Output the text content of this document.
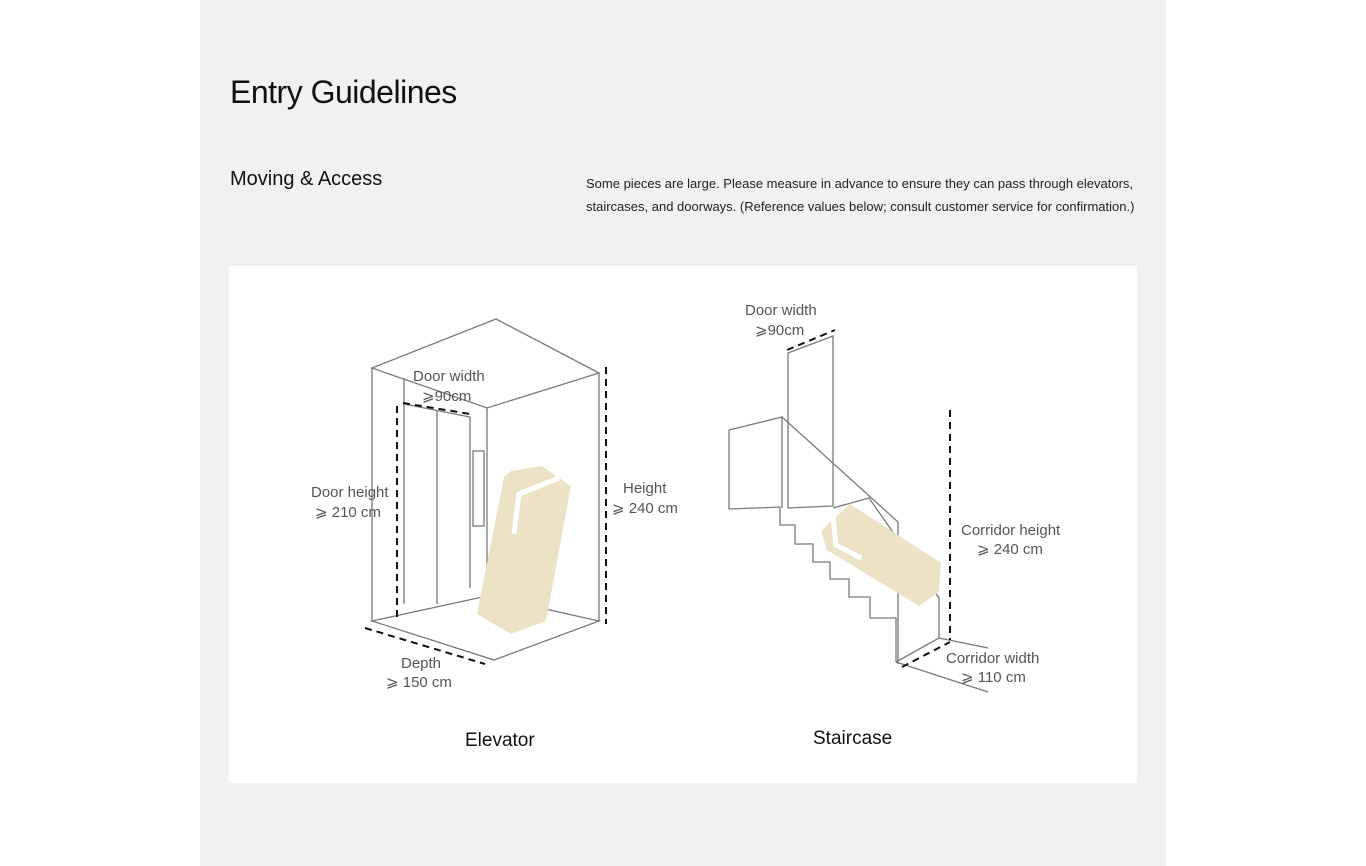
Entry Guidelines
Moving & Access	Some pieces are large. Please measure in advance to ensure they can pass through elevators,
staircases, and doorways. (Reference values below; consult customer service for confirmation.)

Door width
⩾90cm
Door height
⩾ 210 cm
Height
⩾ 240 cm
Depth
⩾ 150 cm
Elevator
Door width
⩾90cm
Corridor height
⩾ 240 cm
Corridor width
⩾ 110 cm
Staircase
